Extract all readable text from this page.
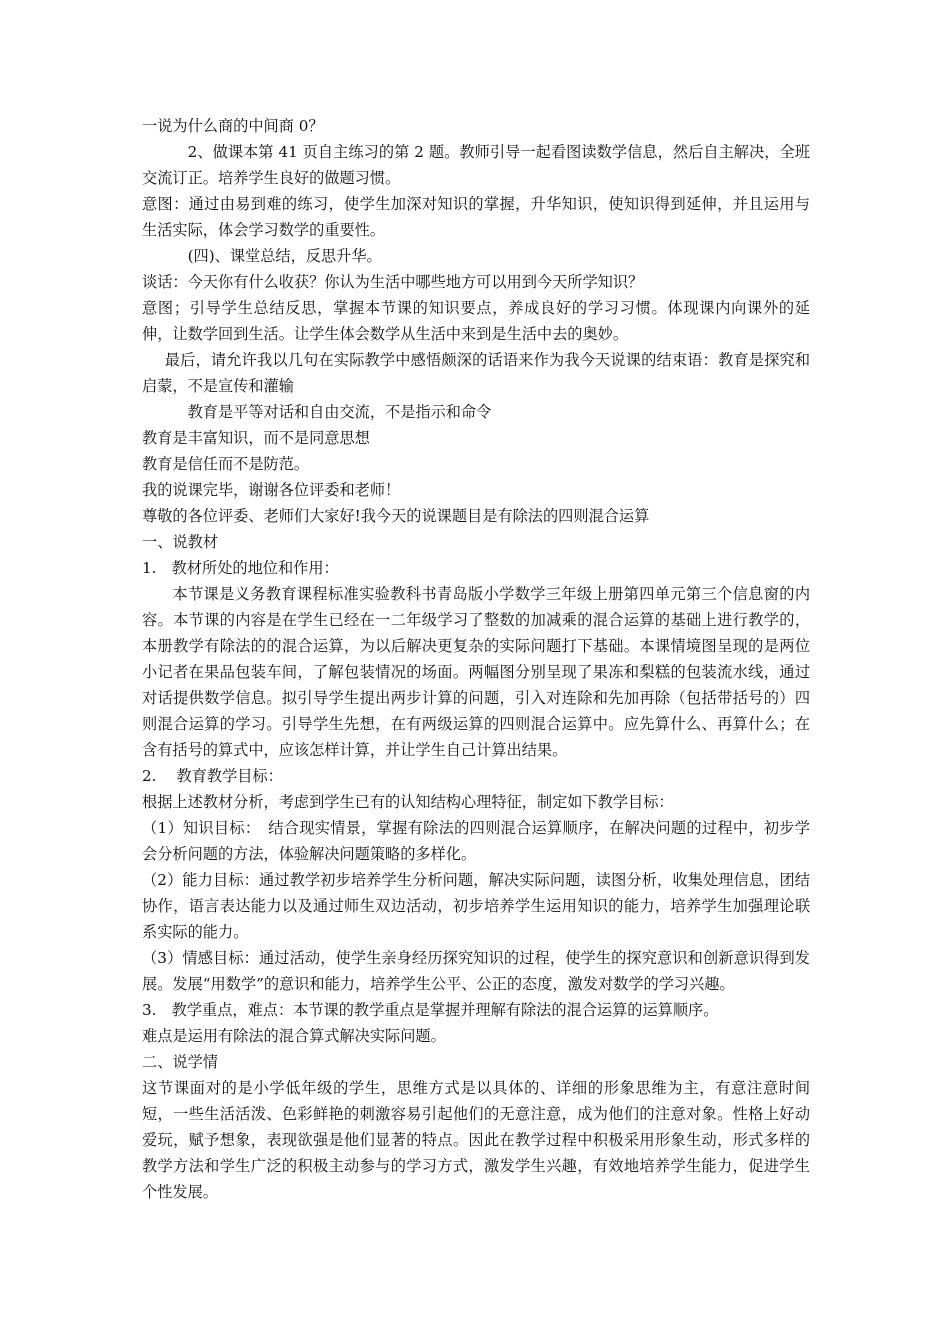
一说为什么商的中间商 0？

2、做课本第 41 页自主练习的第 2 题。教师引导一起看图读数学信息，然后自主解决，全班交流订正。培养学生良好的做题习惯。

意图：通过由易到难的练习，使学生加深对知识的掌握，升华知识，使知识得到延伸，并且运用与生活实际，体会学习数学的重要性。

(四)、课堂总结，反思升华。

谈话：今天你有什么收获？你认为生活中哪些地方可以用到今天所学知识？

意图；引导学生总结反思，掌握本节课的知识要点，养成良好的学习习惯。体现课内向课外的延伸，让数学回到生活。让学生体会数学从生活中来到是生活中去的奥妙。

最后，请允许我以几句在实际教学中感悟颇深的话语来作为我今天说课的结束语：教育是探究和启蒙，不是宣传和灌输

教育是平等对话和自由交流，不是指示和命令

教育是丰富知识，而不是同意思想

教育是信任而不是防范。

我的说课完毕，谢谢各位评委和老师！

尊敬的各位评委、老师们大家好!我今天的说课题目是有除法的四则混合运算

一、说教材

1.　教材所处的地位和作用：

本节课是义务教育课程标准实验教科书青岛版小学数学三年级上册第四单元第三个信息窗的内容。本节课的内容是在学生已经在一二年级学习了整数的加减乘的混合运算的基础上进行教学的，本册教学有除法的的混合运算，为以后解决更复杂的实际问题打下基础。本课情境图呈现的是两位小记者在果品包装车间，了解包装情况的场面。两幅图分别呈现了果冻和梨糕的包装流水线，通过对话提供数学信息。拟引导学生提出两步计算的问题，引入对连除和先加再除（包括带括号的）四则混合运算的学习。引导学生先想，在有两级运算的四则混合运算中。应先算什么、再算什么；在含有括号的算式中，应该怎样计算，并让学生自己计算出结果。

2.　 教育教学目标：

根据上述教材分析，考虑到学生已有的认知结构心理特征，制定如下教学目标：

（1）知识目标：　结合现实情景，掌握有除法的四则混合运算顺序，在解决问题的过程中，初步学会分析问题的方法，体验解决问题策略的多样化。

（2）能力目标：通过教学初步培养学生分析问题，解决实际问题，读图分析，收集处理信息，团结协作，语言表达能力以及通过师生双边活动，初步培养学生运用知识的能力，培养学生加强理论联系实际的能力。

（3）情感目标：通过活动，使学生亲身经历探究知识的过程，使学生的探究意识和创新意识得到发展。发展“用数学”的意识和能力，培养学生公平、公正的态度，激发对数学的学习兴趣。

3.　教学重点，难点：本节课的教学重点是掌握并理解有除法的混合运算的运算顺序。

难点是运用有除法的混合算式解决实际问题。

二、说学情

这节课面对的是小学低年级的学生，思维方式是以具体的、详细的形象思维为主，有意注意时间短，一些生活活泼、色彩鲜艳的刺激容易引起他们的无意注意，成为他们的注意对象。性格上好动爱玩，赋予想象，表现欲强是他们显著的特点。因此在教学过程中积极采用形象生动，形式多样的教学方法和学生广泛的积极主动参与的学习方式，激发学生兴趣，有效地培养学生能力，促进学生个性发展。
